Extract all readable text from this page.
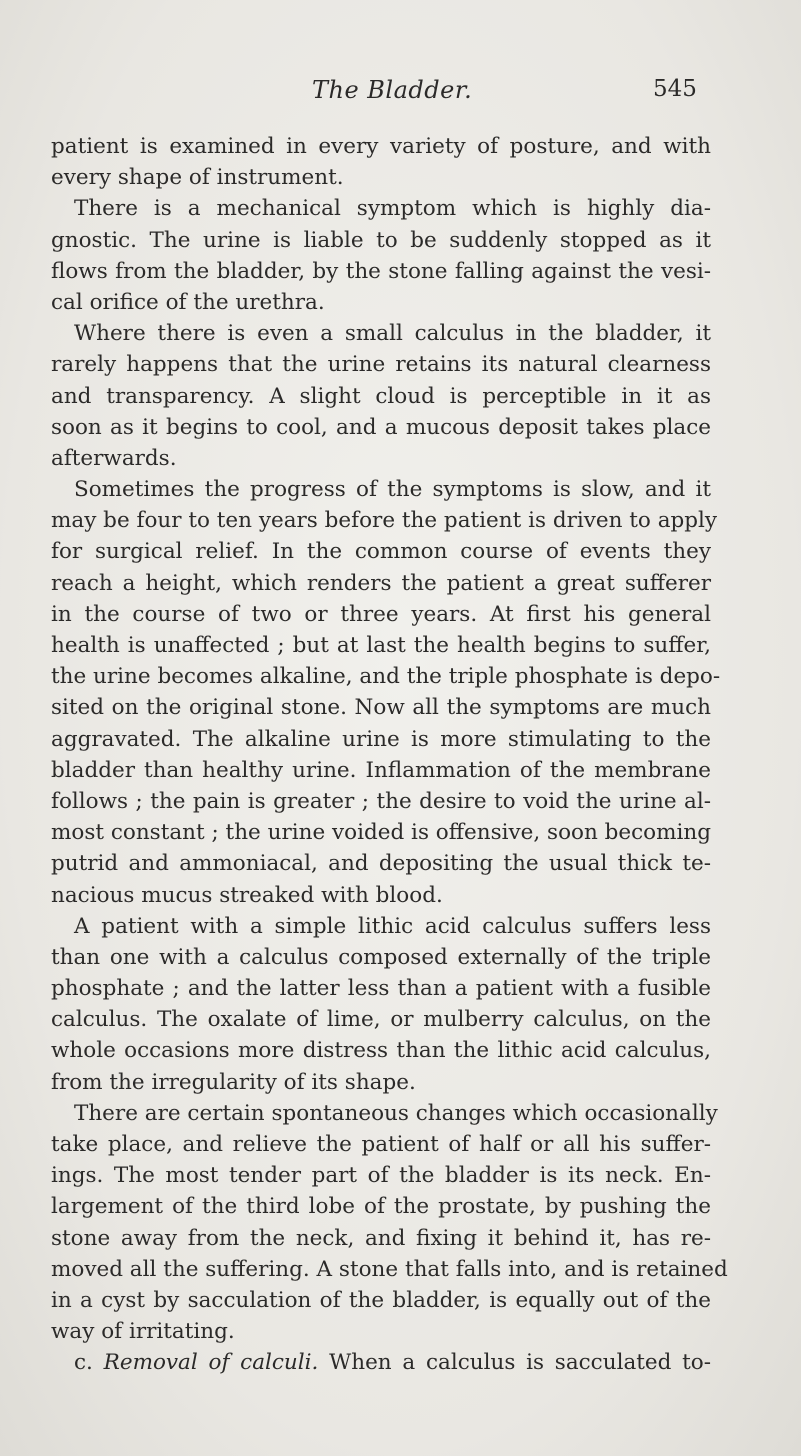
The Bladder.	545
patient is examined in every variety of posture, and with
every shape of instrument.
There is a mechanical symptom which is highly dia-
gnostic. The urine is liable to be suddenly stopped as it
flows from the bladder, by the stone falling against the vesi-
cal orifice of the urethra.
Where there is even a small calculus in the bladder, it
rarely happens that the urine retains its natural clearness
and transparency. A slight cloud is perceptible in it as
soon as it begins to cool, and a mucous deposit takes place
afterwards.
Sometimes the progress of the symptoms is slow, and it
may be four to ten years before the patient is driven to apply
for surgical relief. In the common course of events they
reach a height, which renders the patient a great sufferer
in the course of two or three years. At first his general
health is unaffected ; but at last the health begins to suffer,
the urine becomes alkaline, and the triple phosphate is depo-
sited on the original stone. Now all the symptoms are much
aggravated. The alkaline urine is more stimulating to the
bladder than healthy urine. Inflammation of the membrane
follows ; the pain is greater ; the desire to void the urine al-
most constant ; the urine voided is offensive, soon becoming
putrid and ammoniacal, and depositing the usual thick te-
nacious mucus streaked with blood.
A patient with a simple lithic acid calculus suffers less
than one with a calculus composed externally of the triple
phosphate ; and the latter less than a patient with a fusible
calculus. The oxalate of lime, or mulberry calculus, on the
whole occasions more distress than the lithic acid calculus,
from the irregularity of its shape.
There are certain spontaneous changes which occasionally
take place, and relieve the patient of half or all his suffer-
ings. The most tender part of the bladder is its neck. En-
largement of the third lobe of the prostate, by pushing the
stone away from the neck, and fixing it behind it, has re-
moved all the suffering. A stone that falls into, and is retained
in a cyst by sacculation of the bladder, is equally out of the
way of irritating.
c. Removal of calculi. When a calculus is sacculated to-
